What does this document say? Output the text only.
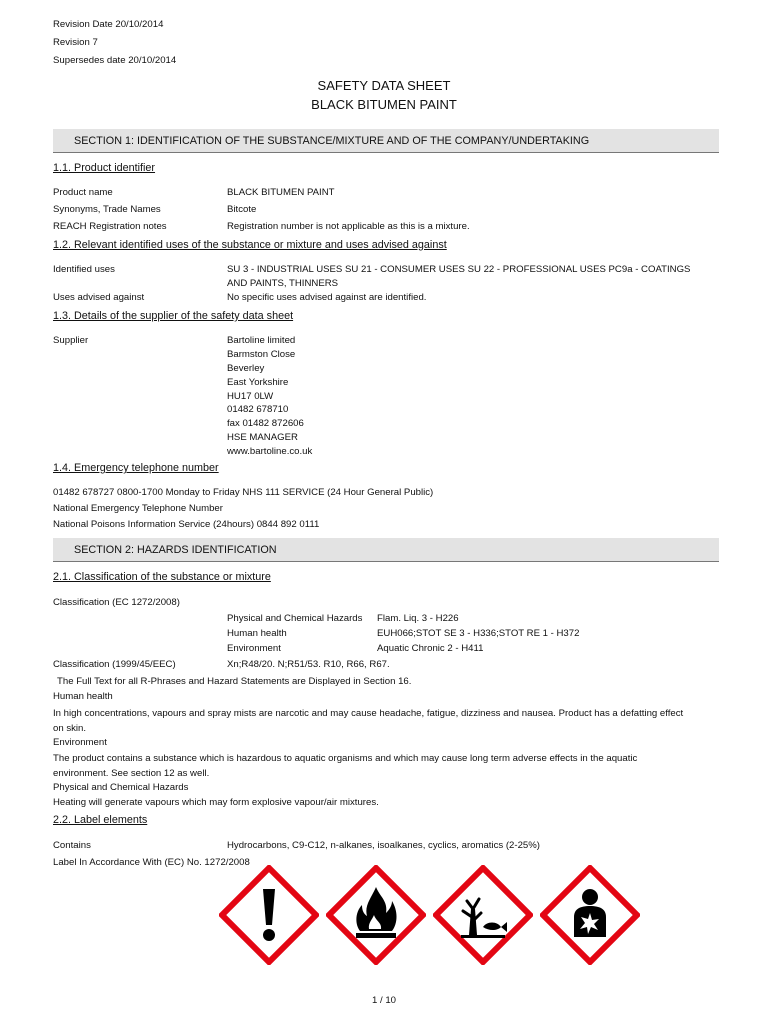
Revision Date 20/10/2014
Revision 7
Supersedes date 20/10/2014
SAFETY DATA SHEET
BLACK BITUMEN PAINT
SECTION 1: IDENTIFICATION OF THE SUBSTANCE/MIXTURE AND OF THE COMPANY/UNDERTAKING
1.1. Product identifier
Product name	BLACK BITUMEN PAINT
Synonyms, Trade Names	Bitcote
REACH Registration notes	Registration number is not applicable as this is a mixture.
1.2. Relevant identified uses of the substance or mixture and uses advised against
Identified uses	SU 3 - INDUSTRIAL USES SU 21 - CONSUMER USES SU 22 - PROFESSIONAL USES PC9a - COATINGS AND PAINTS, THINNERS
Uses advised against	No specific uses advised against are identified.
1.3. Details of the supplier of the safety data sheet
Supplier	Bartoline limited
Barmston Close
Beverley
East Yorkshire
HU17 0LW
01482 678710
fax 01482 872606
HSE MANAGER
www.bartoline.co.uk
1.4. Emergency telephone number
01482 678727 0800-1700 Monday to Friday NHS 111 SERVICE (24 Hour General Public)
National Emergency Telephone Number
National Poisons Information Service (24hours) 0844 892 0111
SECTION 2: HAZARDS IDENTIFICATION
2.1. Classification of the substance or mixture
Classification (EC 1272/2008)
Physical and Chemical Hazards Flam. Liq. 3 - H226
Human health	EUH066;STOT SE 3 - H336;STOT RE 1 - H372
Environment	Aquatic Chronic 2 - H411
Classification (1999/45/EEC)	Xn;R48/20. N;R51/53. R10, R66, R67.
The Full Text for all R-Phrases and Hazard Statements are Displayed in Section 16.
Human health
In high concentrations, vapours and spray mists are narcotic and may cause headache, fatigue, dizziness and nausea. Product has a defatting effect on skin.
Environment
The product contains a substance which is hazardous to aquatic organisms and which may cause long term adverse effects in the aquatic environment. See section 12 as well.
Physical and Chemical Hazards
Heating will generate vapours which may form explosive vapour/air mixtures.
2.2. Label elements
Contains	Hydrocarbons, C9-C12, n-alkanes, isoalkanes, cyclics, aromatics (2-25%)
Label In Accordance With (EC) No. 1272/2008
1 / 10
